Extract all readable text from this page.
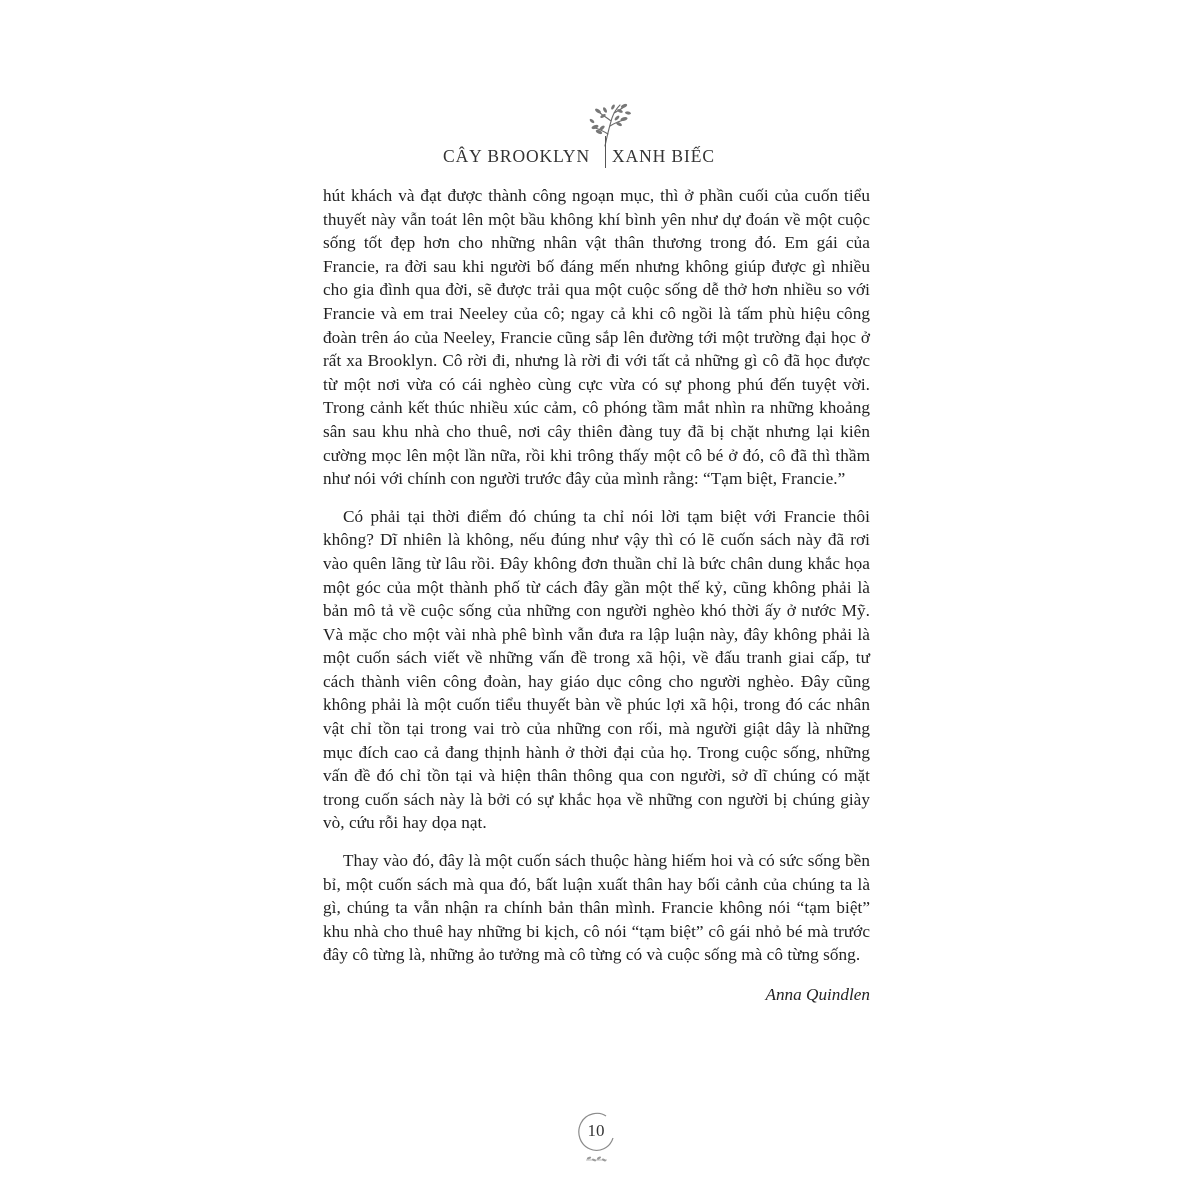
CÂY BROOKLYN XANH BIẾC

hút khách và đạt được thành công ngoạn mục, thì ở phần cuối của cuốn tiểu thuyết này vẫn toát lên một bầu không khí bình yên như dự đoán về một cuộc sống tốt đẹp hơn cho những nhân vật thân thương trong đó. Em gái của Francie, ra đời sau khi người bố đáng mến nhưng không giúp được gì nhiều cho gia đình qua đời, sẽ được trải qua một cuộc sống dễ thở hơn nhiều so với Francie và em trai Neeley của cô; ngay cả khi cô ngồi là tấm phù hiệu công đoàn trên áo của Neeley, Francie cũng sắp lên đường tới một trường đại học ở rất xa Brooklyn. Cô rời đi, nhưng là rời đi với tất cả những gì cô đã học được từ một nơi vừa có cái nghèo cùng cực vừa có sự phong phú đến tuyệt vời. Trong cảnh kết thúc nhiều xúc cảm, cô phóng tầm mắt nhìn ra những khoảng sân sau khu nhà cho thuê, nơi cây thiên đàng tuy đã bị chặt nhưng lại kiên cường mọc lên một lần nữa, rồi khi trông thấy một cô bé ở đó, cô đã thì thầm như nói với chính con người trước đây của mình rằng: “Tạm biệt, Francie.”

Có phải tại thời điểm đó chúng ta chỉ nói lời tạm biệt với Francie thôi không? Dĩ nhiên là không, nếu đúng như vậy thì có lẽ cuốn sách này đã rơi vào quên lãng từ lâu rồi. Đây không đơn thuần chỉ là bức chân dung khắc họa một góc của một thành phố từ cách đây gần một thế kỷ, cũng không phải là bản mô tả về cuộc sống của những con người nghèo khó thời ấy ở nước Mỹ. Và mặc cho một vài nhà phê bình vẫn đưa ra lập luận này, đây không phải là một cuốn sách viết về những vấn đề trong xã hội, về đấu tranh giai cấp, tư cách thành viên công đoàn, hay giáo dục công cho người nghèo. Đây cũng không phải là một cuốn tiểu thuyết bàn về phúc lợi xã hội, trong đó các nhân vật chỉ tồn tại trong vai trò của những con rối, mà người giật dây là những mục đích cao cả đang thịnh hành ở thời đại của họ. Trong cuộc sống, những vấn đề đó chỉ tồn tại và hiện thân thông qua con người, sở dĩ chúng có mặt trong cuốn sách này là bởi có sự khắc họa về những con người bị chúng giày vò, cứu rỗi hay dọa nạt.

Thay vào đó, đây là một cuốn sách thuộc hàng hiếm hoi và có sức sống bền bỉ, một cuốn sách mà qua đó, bất luận xuất thân hay bối cảnh của chúng ta là gì, chúng ta vẫn nhận ra chính bản thân mình. Francie không nói “tạm biệt” khu nhà cho thuê hay những bi kịch, cô nói “tạm biệt” cô gái nhỏ bé mà trước đây cô từng là, những ảo tưởng mà cô từng có và cuộc sống mà cô từng sống.

Anna Quindlen

10
